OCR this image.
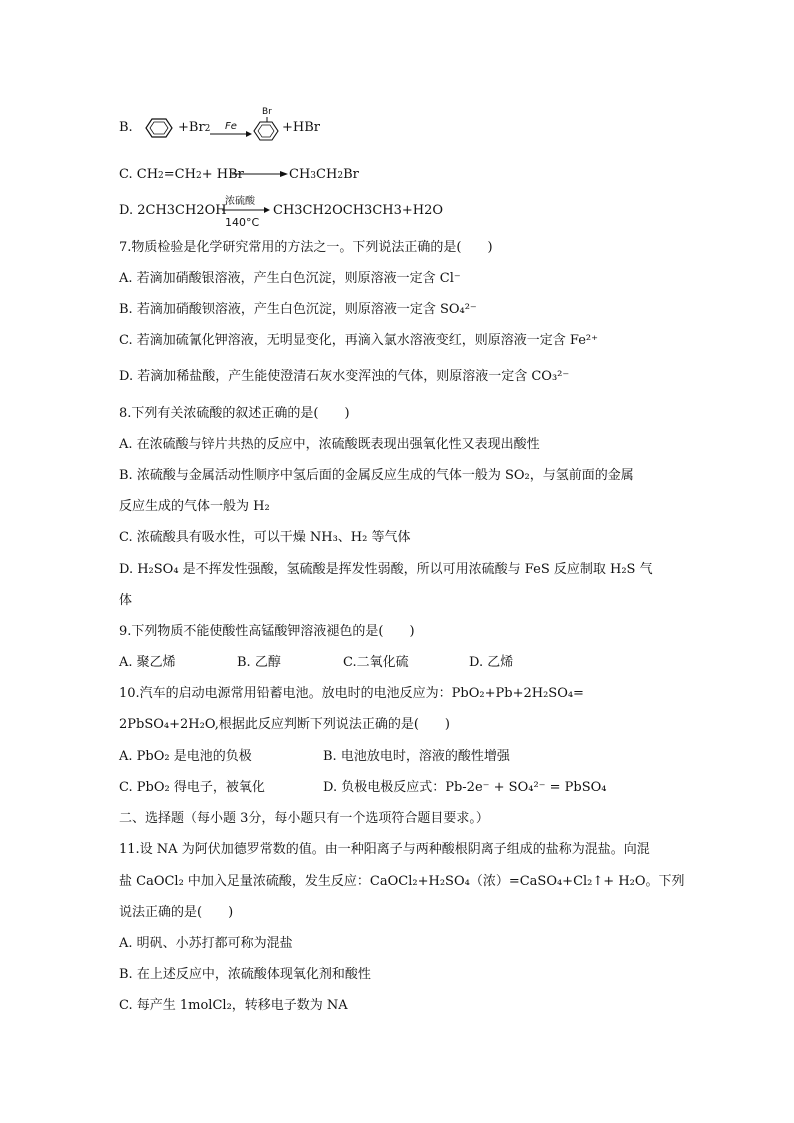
B.	+Br2 Fe
Br
+HBr
C. CH2=CH2+ HBr	CH3CH2Br
D. 2CH3CH2OH
浓硫酸
140°C
CH3CH2OCH3CH3+H2O
7.物质检验是化学研究常用的方法之一。下列说法正确的是(　　)
A. 若滴加硝酸银溶液，产生白色沉淀，则原溶液一定含 Cl⁻
B. 若滴加硝酸钡溶液，产生白色沉淀，则原溶液一定含 SO₄²⁻
C. 若滴加硫氰化钾溶液，无明显变化，再滴入氯水溶液变红，则原溶液一定含 Fe²⁺
D. 若滴加稀盐酸，产生能使澄清石灰水变浑浊的气体，则原溶液一定含 CO₃²⁻
8.下列有关浓硫酸的叙述正确的是(　　)
A. 在浓硫酸与锌片共热的反应中，浓硫酸既表现出强氧化性又表现出酸性
B. 浓硫酸与金属活动性顺序中氢后面的金属反应生成的气体一般为 SO₂，与氢前面的金属
反应生成的气体一般为 H₂
C. 浓硫酸具有吸水性，可以干燥 NH₃、H₂ 等气体
D. H₂SO₄ 是不挥发性强酸，氢硫酸是挥发性弱酸，所以可用浓硫酸与 FeS 反应制取 H₂S 气
体
9.下列物质不能使酸性高锰酸钾溶液褪色的是(　　)
A. 聚乙烯	B. 乙醇	C.二氧化硫	D. 乙烯
10.汽车的启动电源常用铅蓄电池。放电时的电池反应为：PbO₂+Pb+2H₂SO₄=
2PbSO₄+2H₂O,根据此反应判断下列说法正确的是(　　)
A. PbO₂ 是电池的负极	B. 电池放电时，溶液的酸性增强
C. PbO₂ 得电子，被氧化	D. 负极电极反应式：Pb-2e⁻ + SO₄²⁻ = PbSO₄
二、选择题（每小题 3分，每小题只有一个选项符合题目要求。）
11.设 NA 为阿伏加德罗常数的值。由一种阳离子与两种酸根阴离子组成的盐称为混盐。向混
盐 CaOCl₂ 中加入足量浓硫酸，发生反应：CaOCl₂+H₂SO₄（浓）=CaSO₄+Cl₂↑+ H₂O。下列
说法正确的是(　　)
A. 明矾、小苏打都可称为混盐
B. 在上述反应中，浓硫酸体现氧化剂和酸性
C. 每产生 1molCl₂，转移电子数为 NA
